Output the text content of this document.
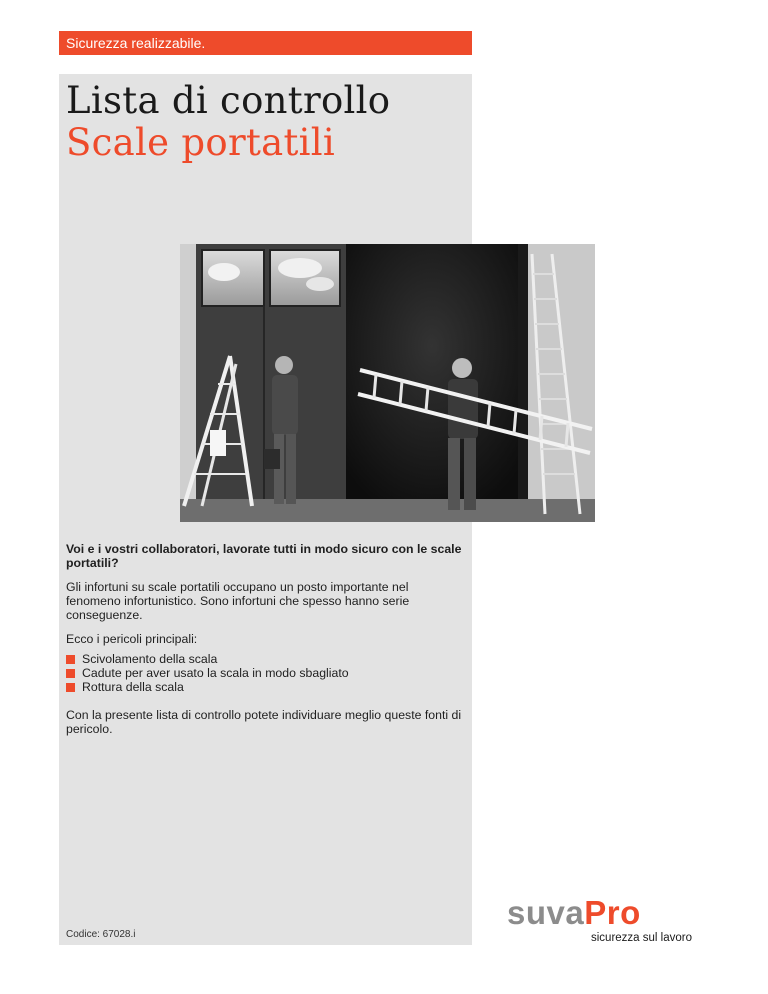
Sicurezza realizzabile.
Lista di controllo
Scale portatili

Voi e i vostri collaboratori, lavorate tutti in modo sicuro con le scale portatili?

Gli infortuni su scale portatili occupano un posto importante nel fenomeno infortunistico. Sono infortuni che spesso hanno serie conseguenze.

Ecco i pericoli principali:

Scivolamento della scala
Cadute per aver usato la scala in modo sbagliato
Rottura della scala

Con la presente lista di controllo potete individuare meglio queste fonti di pericolo.

Codice: 67028.i
suvaPro
sicurezza sul lavoro
